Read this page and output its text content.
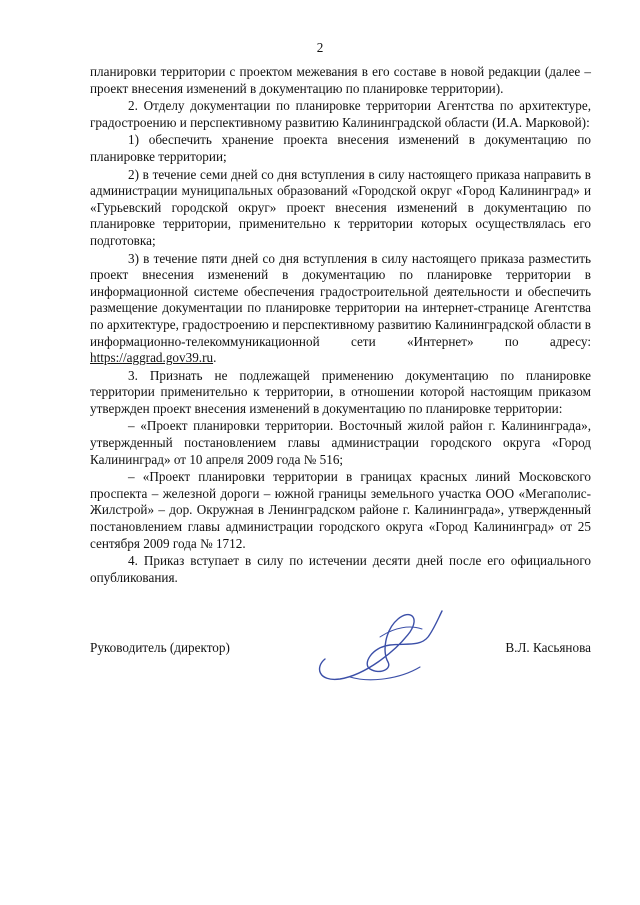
2

планировки территории с проектом межевания в его составе в новой редакции (далее – проект внесения изменений в документацию по планировке территории).

2. Отделу документации по планировке территории Агентства по архитектуре, градостроению и перспективному развитию Калининградской области (И.А. Марковой):

1) обеспечить хранение проекта внесения изменений в документацию по планировке территории;

2) в течение семи дней со дня вступления в силу настоящего приказа направить в администрации муниципальных образований «Городской округ «Город Калининград» и «Гурьевский городской округ» проект внесения изменений в документацию по планировке территории, применительно к территории которых осуществлялась его подготовка;

3) в течение пяти дней со дня вступления в силу настоящего приказа разместить проект внесения изменений в документацию по планировке территории в информационной системе обеспечения градостроительной деятельности и обеспечить размещение документации по планировке территории на интернет-странице Агентства по архитектуре, градостроению и перспективному развитию Калининградской области в информационно-телекоммуникационной сети «Интернет» по адресу: https://aggrad.gov39.ru.

3. Признать не подлежащей применению документацию по планировке территории применительно к территории, в отношении которой настоящим приказом утвержден проект внесения изменений в документацию по планировке территории:

– «Проект планировки территории. Восточный жилой район г. Калининграда», утвержденный постановлением главы администрации городского округа «Город Калининград» от 10 апреля 2009 года № 516;

– «Проект планировки территории в границах красных линий Московского проспекта – железной дороги – южной границы земельного участка ООО «Мегаполис-Жилстрой» – дор. Окружная в Ленинградском районе г. Калининграда», утвержденный постановлением главы администрации городского округа «Город Калининград» от 25 сентября 2009 года № 1712.

4. Приказ вступает в силу по истечении десяти дней после его официального опубликования.

Руководитель (директор)	В.Л. Касьянова
